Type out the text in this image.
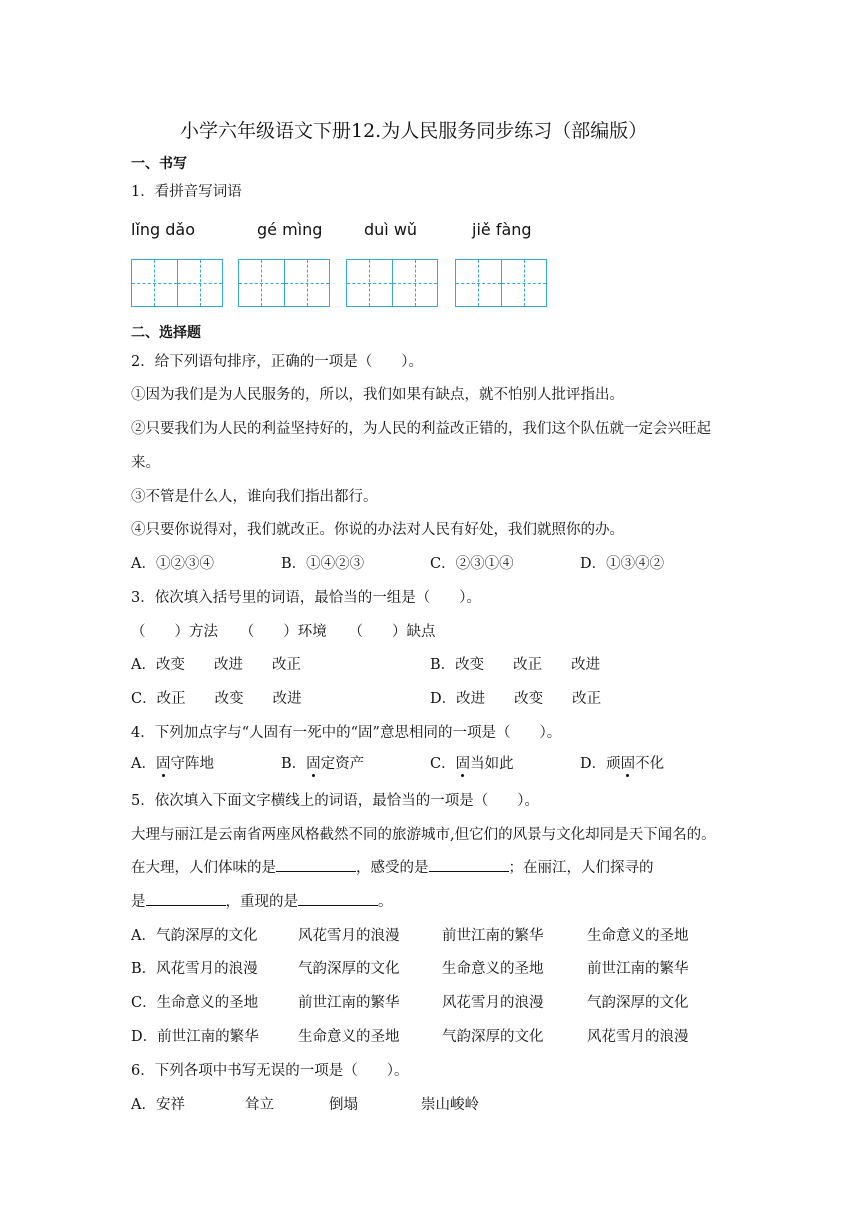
小学六年级语文下册12.为人民服务同步练习（部编版）
一、书写
1．看拼音写词语
lǐng dǎo	gé mìng	duì wǔ	jiě fàng
二、选择题
2．给下列语句排序，正确的一项是（　　）。
①因为我们是为人民服务的，所以，我们如果有缺点，就不怕别人批评指出。
②只要我们为人民的利益坚持好的，为人民的利益改正错的，我们这个队伍就一定会兴旺起
来。
③不管是什么人，谁向我们指出都行。
④只要你说得对，我们就改正。你说的办法对人民有好处，我们就照你的办。
A．①②③④	B．①④②③	C．②③①④	D．①③④②
3．依次填入括号里的词语，最恰当的一组是（　　）。
（　　）方法　　（　　）环境　　（　　）缺点
A．改变　　改进　　改正	B．改变　　改正　　改进
C．改正　　改变　　改进	D．改进　　改变　　改正
4．下列加点字与“人固有一死中的“固”意思相同的一项是（　　）。
A．固守阵地	B．固定资产	C．固当如此	D．顽固不化
5．依次填入下面文字横线上的词语，最恰当的一项是（　　）。
大理与丽江是云南省两座风格截然不同的旅游城市,但它们的风景与文化却同是天下闻名的。
在大理，人们体味的是	，感受的是	；在丽江，人们探寻的
是	，重现的是	。
A．气韵深厚的文化	风花雪月的浪漫	前世江南的繁华	生命意义的圣地
B．风花雪月的浪漫	气韵深厚的文化	生命意义的圣地	前世江南的繁华
C．生命意义的圣地	前世江南的繁华	风花雪月的浪漫	气韵深厚的文化
D．前世江南的繁华	生命意义的圣地	气韵深厚的文化	风花雪月的浪漫
6．下列各项中书写无误的一项是（　　）。
A．安祥	耸立	倒塌	崇山峻岭
